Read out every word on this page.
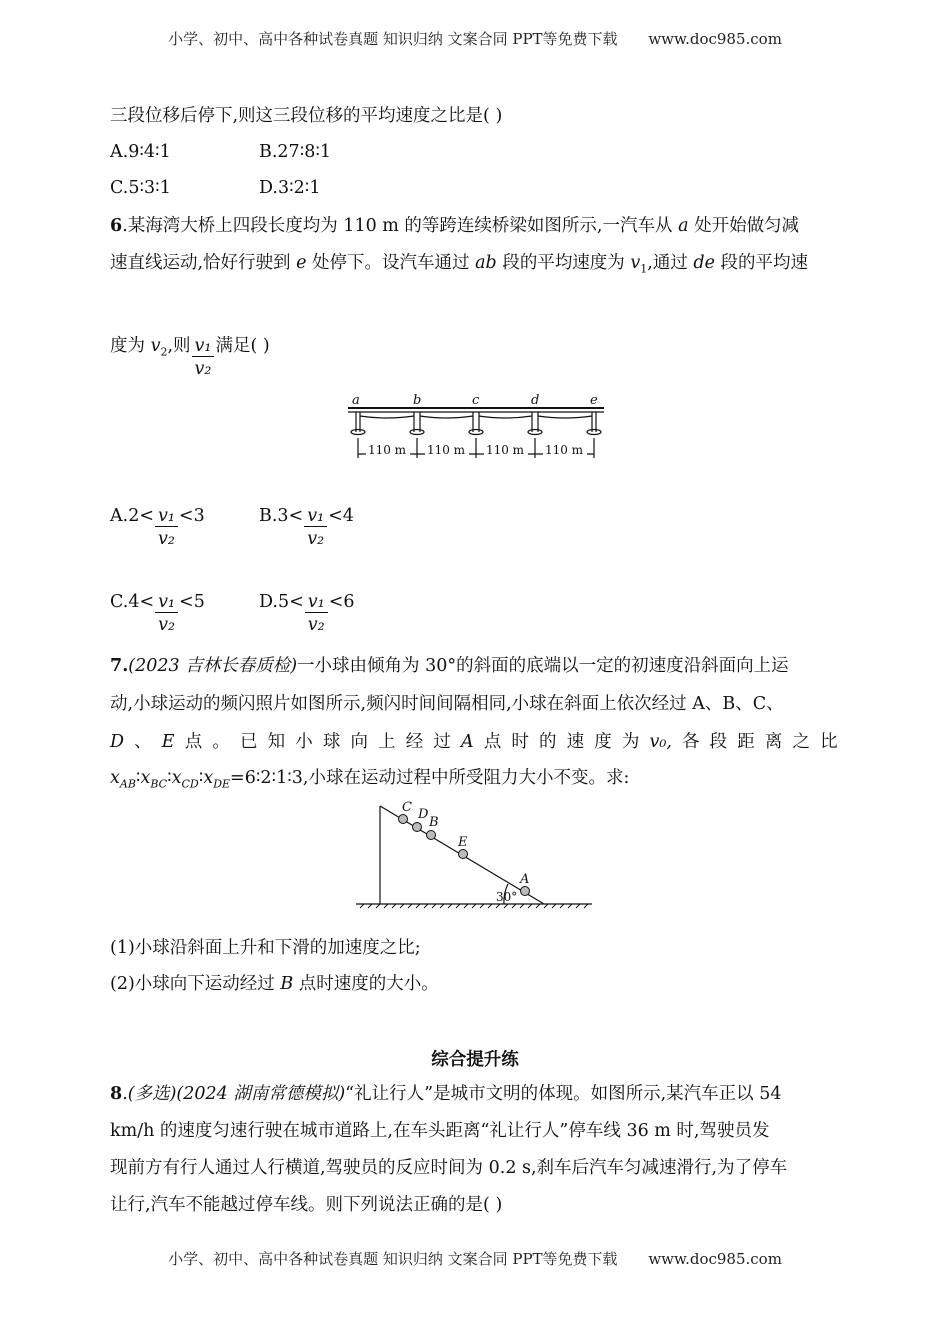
小学、初中、高中各种试卷真题 知识归纳 文案合同 PPT等免费下载 www.doc985.com
三段位移后停下,则这三段位移的平均速度之比是( )
A.9∶4∶1	B.27∶8∶1
C.5∶3∶1	D.3∶2∶1
6.某海湾大桥上四段长度均为 110 m 的等跨连续桥梁如图所示,一汽车从 a 处开始做匀减
速直线运动,恰好行驶到 e 处停下。设汽车通过 ab 段的平均速度为 $v_1$,通过 de 段的平均速
度为 $v_2$,则 $\frac{\text{v₁}}{\text{v₂}}$ 满足( )
a	b	c	d	e
110 m 110 m 110 m 110 m
$A.2< \frac{\text{v₁}}{\text{v₂}} <3$	$B.3< \frac{\text{v₁}}{\text{v₂}} <4$
$C.4< \frac{\text{v₁}}{\text{v₂}} <5$	$D.5< \frac{\text{v₁}}{\text{v₂}} <6$
7.(2023 吉林长春质检)一小球由倾角为 30°的斜面的底端以一定的初速度沿斜面向上运
动,小球运动的频闪照片如图所示,频闪时间间隔相同,小球在斜面上依次经过 A、B、C、
D 、 E 点 。 已 知 小 球 向 上 经 过 A 点 时 的 速 度 为 v₀, 各 段 距 离 之 比
$x_{AB}∶x_{BC}∶x_{CD}∶x_{DE}=6∶2∶1∶3$,小球在运动过程中所受阻力大小不变。求:
C D
B
E
A
30°
(1)小球沿斜面上升和下滑的加速度之比;
(2)小球向下运动经过 B 点时速度的大小。
综合提升练
8.(多选)(2024 湖南常德模拟)“礼让行人”是城市文明的体现。如图所示,某汽车正以 54
km/h 的速度匀速行驶在城市道路上,在车头距离“礼让行人”停车线 36 m 时,驾驶员发
现前方有行人通过人行横道,驾驶员的反应时间为 0.2 s,刹车后汽车匀减速滑行,为了停车
让行,汽车不能越过停车线。则下列说法正确的是( )
小学、初中、高中各种试卷真题 知识归纳 文案合同 PPT等免费下载 www.doc985.com
